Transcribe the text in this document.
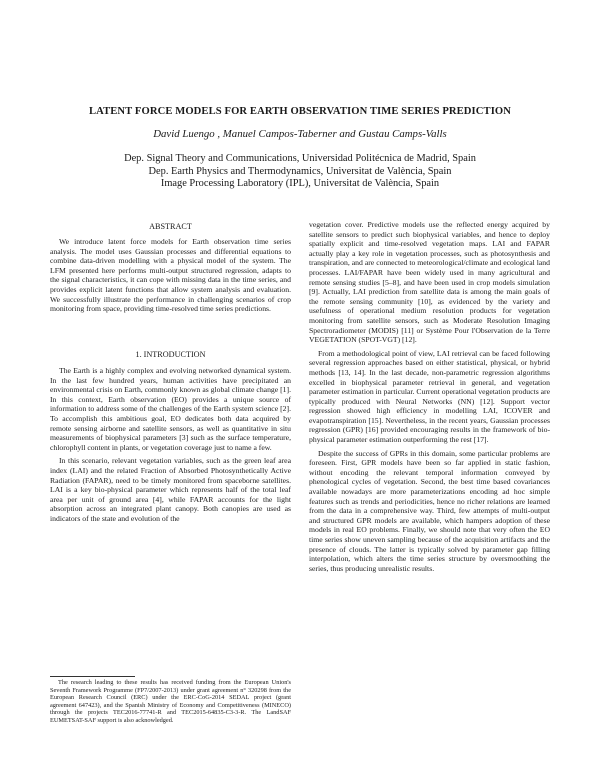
LATENT FORCE MODELS FOR EARTH OBSERVATION TIME SERIES PREDICTION
David Luengo , Manuel Campos-Taberner and Gustau Camps-Valls
Dep. Signal Theory and Communications, Universidad Politécnica de Madrid, Spain
Dep. Earth Physics and Thermodynamics, Universitat de València, Spain
Image Processing Laboratory (IPL), Universitat de València, Spain
ABSTRACT

We introduce latent force models for Earth observation time series analysis. The model uses Gaussian processes and differential equations to combine data-driven modelling with a physical model of the system. The LFM presented here performs multi-output structured regression, adapts to the signal characteristics, it can cope with missing data in the time series, and provides explicit latent functions that allow system analysis and evaluation. We successfully illustrate the performance in challenging scenarios of crop monitoring from space, providing time-resolved time series predictions.

1. INTRODUCTION

The Earth is a highly complex and evolving networked dynamical system. In the last few hundred years, human activities have precipitated an environmental crisis on Earth, commonly known as global climate change [1]. In this context, Earth observation (EO) provides a unique source of information to address some of the challenges of the Earth system science [2]. To accomplish this ambitious goal, EO dedicates both data acquired by remote sensing airborne and satellite sensors, as well as quantitative in situ measurements of biophysical parameters [3] such as the surface temperature, chlorophyll content in plants, or vegetation coverage just to name a few.

In this scenario, relevant vegetation variables, such as the green leaf area index (LAI) and the related Fraction of Absorbed Photosynthetically Active Radiation (FAPAR), need to be timely monitored from spaceborne satellites. LAI is a key bio-physical parameter which represents half of the total leaf area per unit of ground area [4], while FAPAR accounts for the light absorption across an integrated plant canopy. Both canopies are used as indicators of the state and evolution of the

The research leading to these results has received funding from the European Union's Seventh Framework Programme (FP7/2007-2013) under grant agreement n° 320298 from the European Research Council (ERC) under the ERC-CoG-2014 SEDAL project (grant agreement 647423), and the Spanish Ministry of Economy and Competitiveness (MINECO) through the projects TEC2016-77741-R and TEC2015-64835-C3-3-R. The LandSAF EUMETSAT-SAF support is also acknowledged.

vegetation cover. Predictive models use the reflected energy acquired by satellite sensors to predict such biophysical variables, and hence to deploy spatially explicit and time-resolved vegetation maps. LAI and FAPAR actually play a key role in vegetation processes, such as photosynthesis and transpiration, and are connected to meteorological/climate and ecological land processes. LAI/FAPAR have been widely used in many agricultural and remote sensing studies [5–8], and have been used in crop models simulation [9]. Actually, LAI prediction from satellite data is among the main goals of the remote sensing community [10], as evidenced by the variety and usefulness of operational medium resolution products for vegetation monitoring from satellite sensors, such as Moderate Resolution Imaging Spectroradiometer (MODIS) [11] or Système Pour l'Observation de la Terre VEGETATION (SPOT-VGT) [12].

From a methodological point of view, LAI retrieval can be faced following several regression approaches based on either statistical, physical, or hybrid methods [13, 14]. In the last decade, non-parametric regression algorithms excelled in biophysical parameter retrieval in general, and vegetation parameter estimation in particular. Current operational vegetation products are typically produced with Neural Networks (NN) [12]. Support vector regression showed high efficiency in modelling LAI, ICOVER and evapotranspiration [15]. Nevertheless, in the recent years, Gaussian processes regression (GPR) [16] provided encouraging results in the framework of bio-physical parameter estimation outperforming the rest [17].

Despite the success of GPRs in this domain, some particular problems are foreseen. First, GPR models have been so far applied in static fashion, without encoding the relevant temporal information conveyed by phenological cycles of vegetation. Second, the best time based covariances available nowadays are more parameterizations encoding ad hoc simple features such as trends and periodicities, hence no richer relations are learned from the data in a comprehensive way. Third, few attempts of multi-output and structured GPR models are available, which hampers adoption of these models in real EO problems. Finally, we should note that very often the EO time series show uneven sampling because of the acquisition artifacts and the presence of clouds. The latter is typically solved by parameter gap filling interpolation, which alters the time series structure by oversmoothing the series, thus producing unrealistic results.
